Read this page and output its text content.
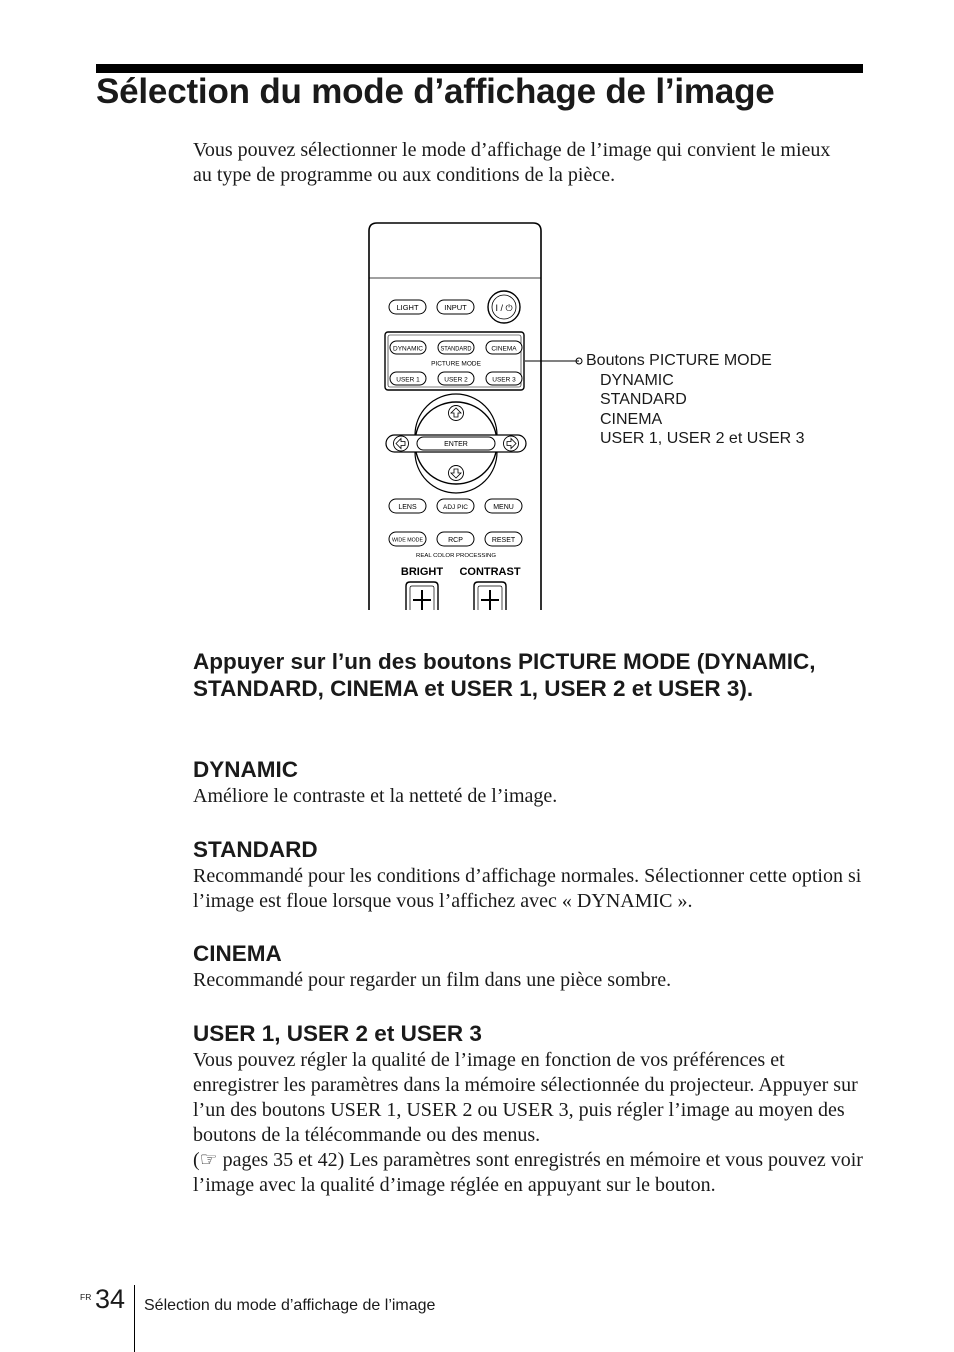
Sélection du mode d’affichage de l’image

Vous pouvez sélectionner le mode d’affichage de l’image qui convient le mieux au type de programme ou aux conditions de la pièce.

LIGHT	INPUT	I / ⏻
DYNAMIC	STANDARD	CINEMA
PICTURE MODE
USER 1	USER 2	USER 3
ENTER
LENS	ADJ PIC	MENU
WIDE MODE	RCP	RESET
REAL COLOR PROCESSING
BRIGHT CONTRAST
Boutons PICTURE MODE
DYNAMIC
STANDARD
CINEMA
USER 1, USER 2 et USER 3
Appuyer sur l’un des boutons PICTURE MODE (DYNAMIC, STANDARD, CINEMA et USER 1, USER 2 et USER 3).
DYNAMIC

Améliore le contraste et la netteté de l’image.

STANDARD

Recommandé pour les conditions d’affichage normales. Sélectionner cette option si l’image est floue lorsque vous l’affichez avec « DYNAMIC ».

CINEMA

Recommandé pour regarder un film dans une pièce sombre.

USER 1, USER 2 et USER 3

Vous pouvez régler la qualité de l’image en fonction de vos préférences et enregistrer les paramètres dans la mémoire sélectionnée du projecteur. Appuyer sur l’un des boutons USER 1, USER 2 ou USER 3, puis régler l’image au moyen des boutons de la télécommande ou des menus.
(☞ pages 35 et 42) Les paramètres sont enregistrés en mémoire et vous pouvez voir l’image avec la qualité d’image réglée en appuyant sur le bouton.

FR 34 Sélection du mode d’affichage de l’image
